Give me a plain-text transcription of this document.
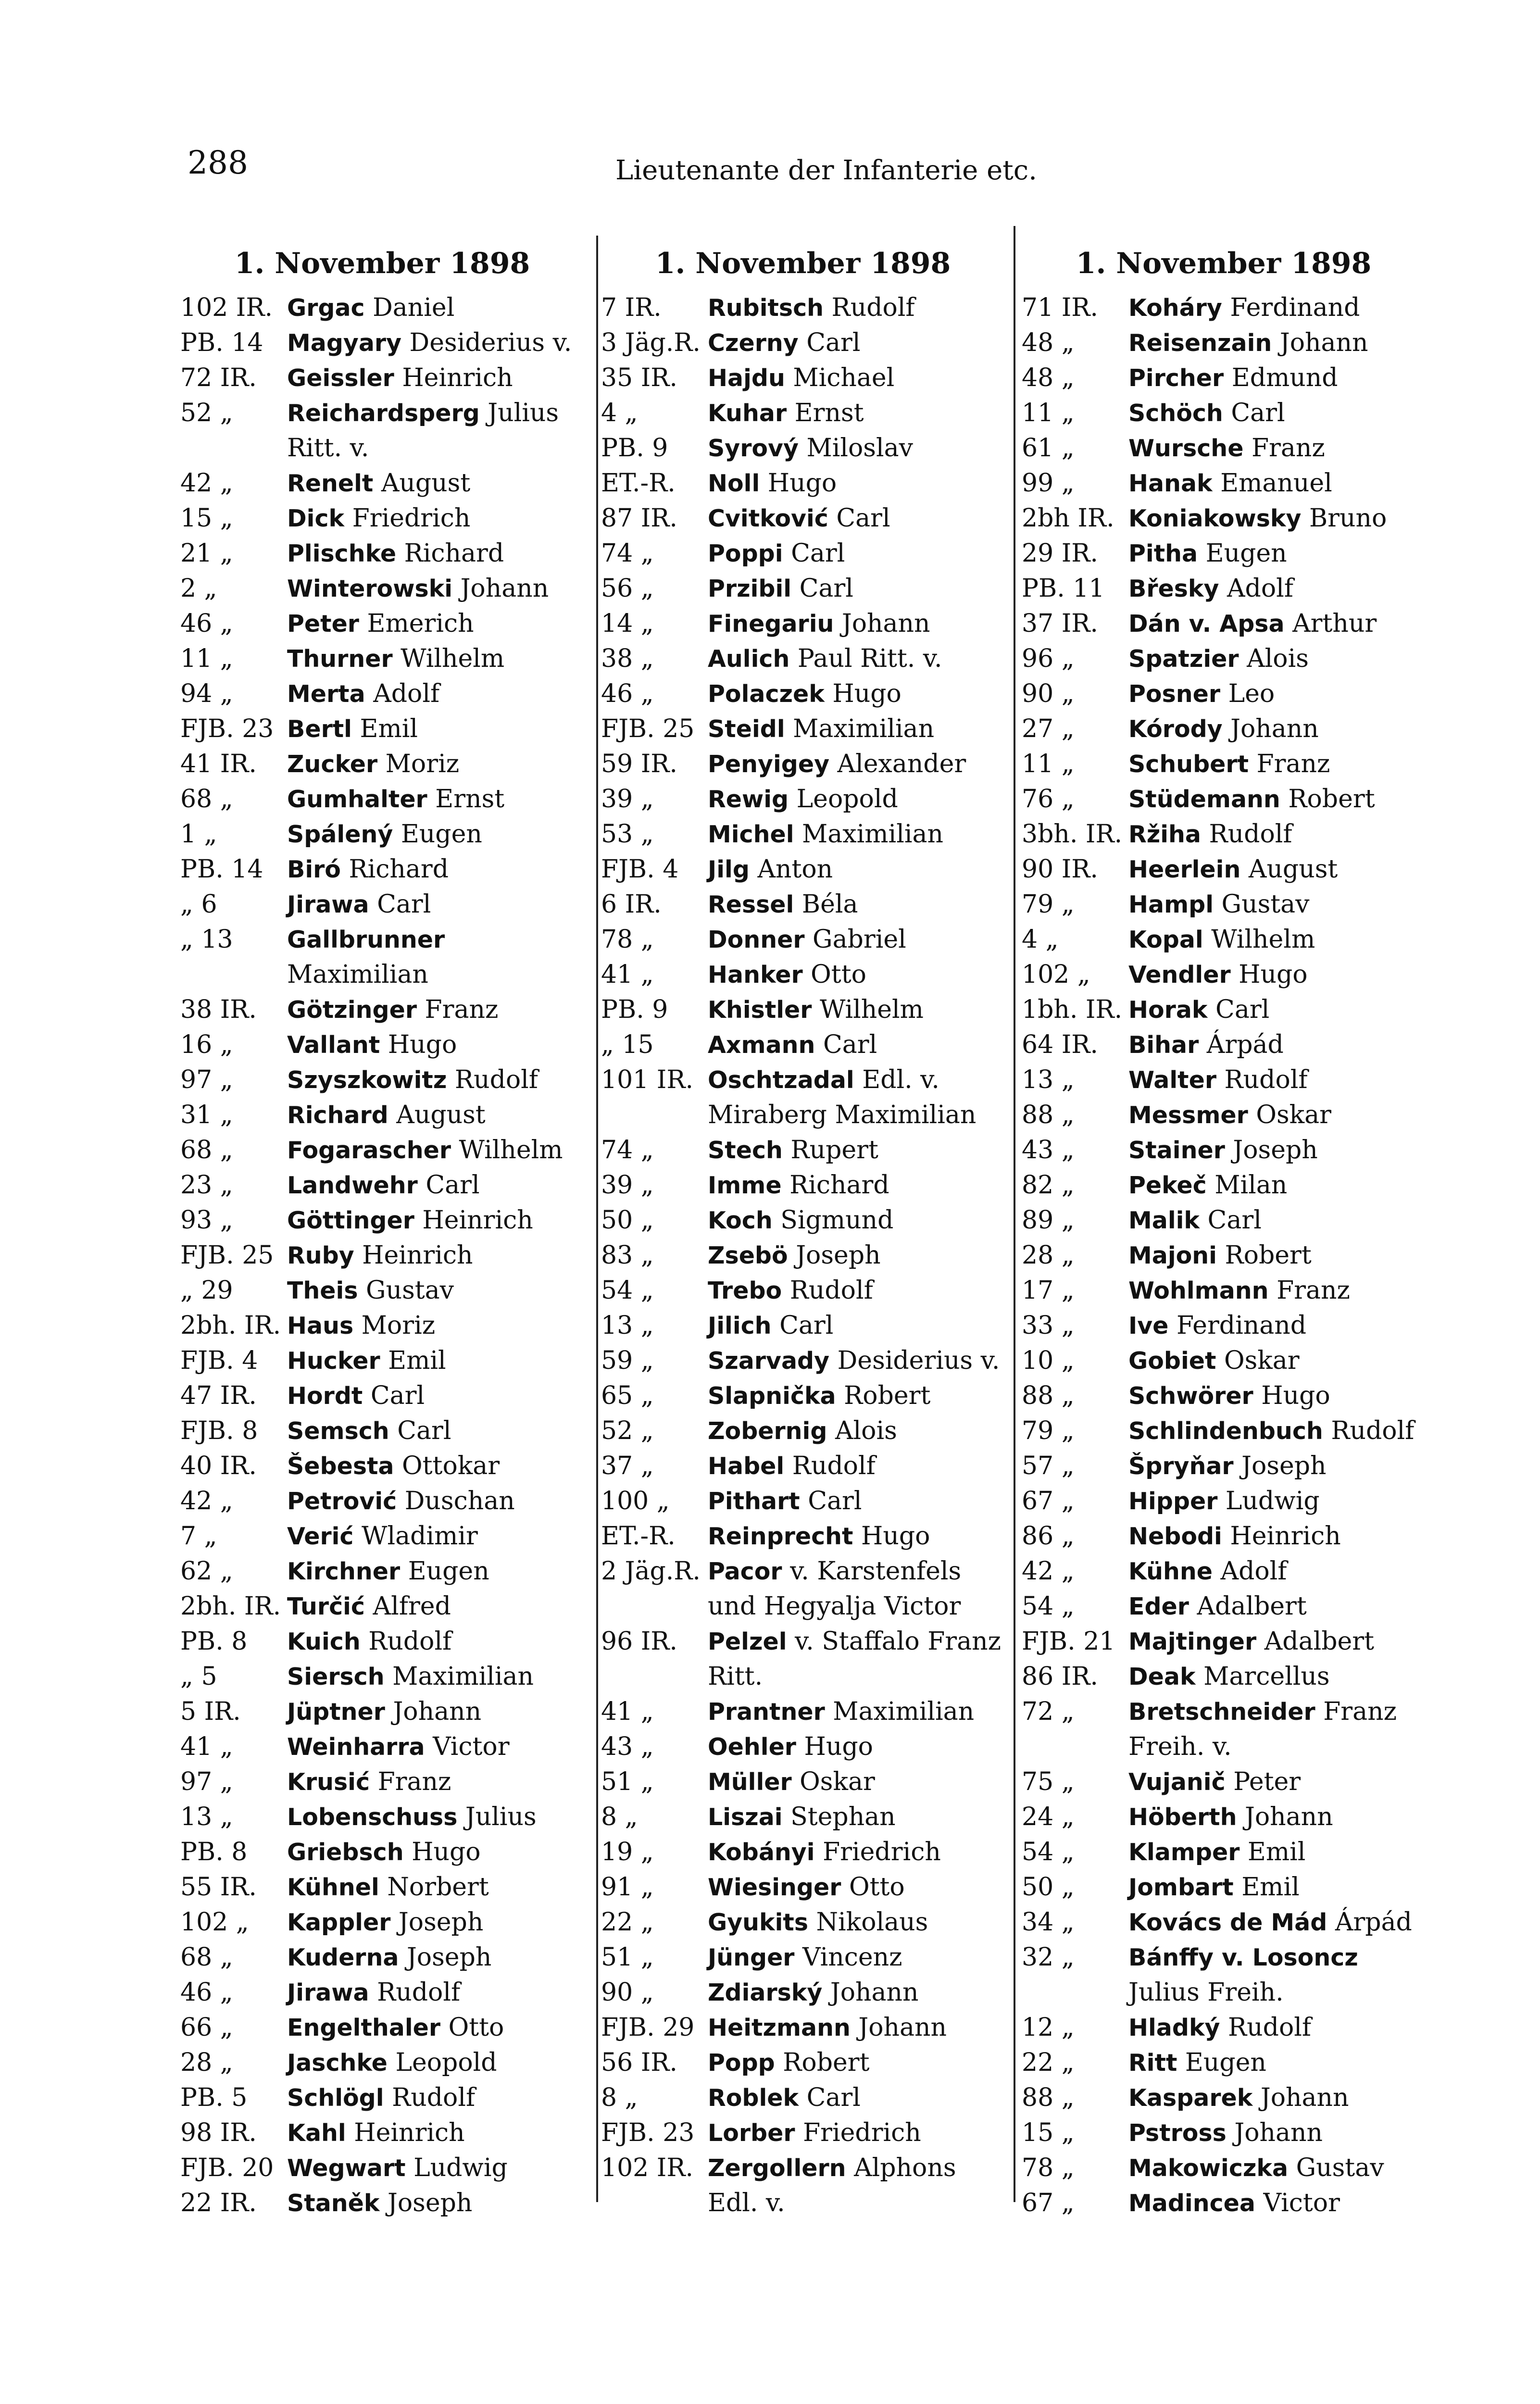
288	Lieutenante der Infanterie etc.
1. November 1898
102 IR. Grgac Daniel
PB. 14	Magyary Desiderius v.
72 IR.	Geissler Heinrich
52 „	Reichardsperg Julius Ritt. v.
42 „	Renelt August
15 „	Dick Friedrich
21 „	Plischke Richard
2 „	Winterowski Johann
46 „	Peter Emerich
11 „	Thurner Wilhelm
94 „	Merta Adolf
FJB. 23 Bertl Emil
41 IR.	Zucker Moriz
68 „	Gumhalter Ernst
1 „	Spálený Eugen
PB. 14	Biró Richard
„ 6	Jirawa Carl
„ 13	Gallbrunner Maximilian
38 IR.	Götzinger Franz
16 „	Vallant Hugo
97 „	Szyszkowitz Rudolf
31 „	Richard August
68 „	Fogarascher Wilhelm
23 „	Landwehr Carl
93 „	Göttinger Heinrich
FJB. 25 Ruby Heinrich
„ 29	Theis Gustav
2bh. IR. Haus Moriz
FJB. 4	Hucker Emil
47 IR.	Hordt Carl
FJB. 8	Semsch Carl
40 IR.	Šebesta Ottokar
42 „	Petrović Duschan
7 „	Verić Wladimir
62 „	Kirchner Eugen
2bh. IR. Turčić Alfred
PB. 8	Kuich Rudolf
„ 5	Siersch Maximilian
5 IR.	Jüptner Johann
41 „	Weinharra Victor
97 „	Krusić Franz
13 „	Lobenschuss Julius
PB. 8	Griebsch Hugo
55 IR.	Kühnel Norbert
102 „	Kappler Joseph
68 „	Kuderna Joseph
46 „	Jirawa Rudolf
66 „	Engelthaler Otto
28 „	Jaschke Leopold
PB. 5	Schlögl Rudolf
98 IR.	Kahl Heinrich
FJB. 20 Wegwart Ludwig
22 IR.	Staněk Joseph
1. November 1898
7 IR.	Rubitsch Rudolf
3 Jäg.R. Czerny Carl
35 IR.	Hajdu Michael
4 „	Kuhar Ernst
PB. 9	Syrový Miloslav
ET.-R.	Noll Hugo
87 IR.	Cvitković Carl
74 „	Poppi Carl
56 „	Przibil Carl
14 „	Finegariu Johann
38 „	Aulich Paul Ritt. v.
46 „	Polaczek Hugo
FJB. 25 Steidl Maximilian
59 IR.	Penyigey Alexander
39 „	Rewig Leopold
53 „	Michel Maximilian
FJB. 4	Jilg Anton
6 IR.	Ressel Béla
78 „	Donner Gabriel
41 „	Hanker Otto
PB. 9	Khistler Wilhelm
„ 15	Axmann Carl
101 IR. Oschtzadal Edl. v. Miraberg Maximilian
74 „	Stech Rupert
39 „	Imme Richard
50 „	Koch Sigmund
83 „	Zsebö Joseph
54 „	Trebo Rudolf
13 „	Jilich Carl
59 „	Szarvady Desiderius v.
65 „	Slapnička Robert
52 „	Zobernig Alois
37 „	Habel Rudolf
100 „	Pithart Carl
ET.-R.	Reinprecht Hugo
2 Jäg.R. Pacor v. Karstenfels und Hegyalja Victor
96 IR.	Pelzel v. Staffalo Franz Ritt.
41 „	Prantner Maximilian
43 „	Oehler Hugo
51 „	Müller Oskar
8 „	Liszai Stephan
19 „	Kobányi Friedrich
91 „	Wiesinger Otto
22 „	Gyukits Nikolaus
51 „	Jünger Vincenz
90 „	Zdiarský Johann
FJB. 29 Heitzmann Johann
56 IR.	Popp Robert
8 „	Roblek Carl
FJB. 23 Lorber Friedrich
102 IR. Zergollern Alphons Edl. v.
1. November 1898
71 IR.	Koháry Ferdinand
48 „	Reisenzain Johann
48 „	Pircher Edmund
11 „	Schöch Carl
61 „	Wursche Franz
99 „	Hanak Emanuel
2bh IR. Koniakowsky Bruno
29 IR.	Pitha Eugen
PB. 11	Břesky Adolf
37 IR.	Dán v. Apsa Arthur
96 „	Spatzier Alois
90 „	Posner Leo
27 „	Kórody Johann
11 „	Schubert Franz
76 „	Stüdemann Robert
3bh. IR. Ržiha Rudolf
90 IR.	Heerlein August
79 „	Hampl Gustav
4 „	Kopal Wilhelm
102 „	Vendler Hugo
1bh. IR. Horak Carl
64 IR.	Bihar Árpád
13 „	Walter Rudolf
88 „	Messmer Oskar
43 „	Stainer Joseph
82 „	Pekeč Milan
89 „	Malik Carl
28 „	Majoni Robert
17 „	Wohlmann Franz
33 „	Ive Ferdinand
10 „	Gobiet Oskar
88 „	Schwörer Hugo
79 „	Schlindenbuch Rudolf
57 „	Špryňar Joseph
67 „	Hipper Ludwig
86 „	Nebodi Heinrich
42 „	Kühne Adolf
54 „	Eder Adalbert
FJB. 21 Majtinger Adalbert
86 IR.	Deak Marcellus
72 „	Bretschneider Franz Freih. v.
75 „	Vujanič Peter
24 „	Höberth Johann
54 „	Klamper Emil
50 „	Jombart Emil
34 „	Kovács de Mád Árpád
32 „	Bánffy v. Losoncz Julius Freih.
12 „	Hladký Rudolf
22 „	Ritt Eugen
88 „	Kasparek Johann
15 „	Pstross Johann
78 „	Makowiczka Gustav
67 „	Madincea Victor
